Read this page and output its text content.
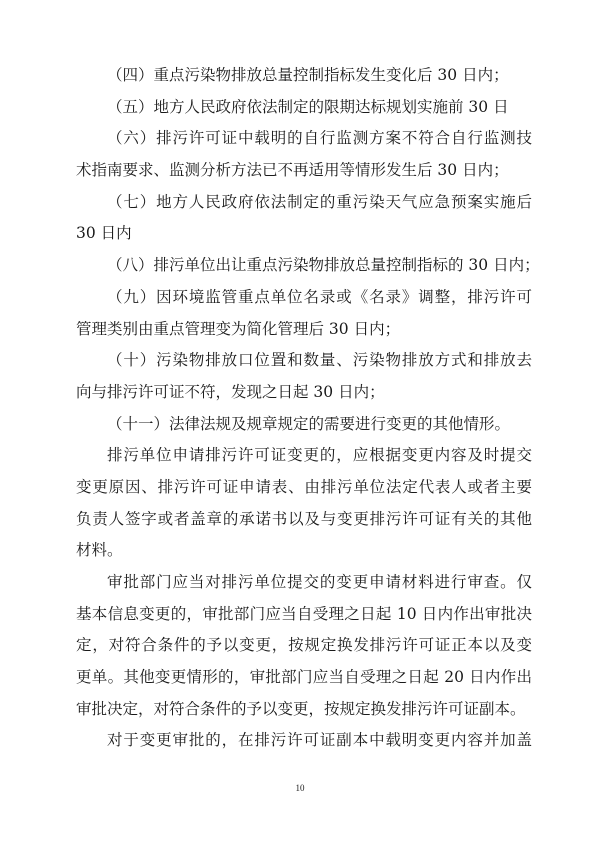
（四）重点污染物排放总量控制指标发生变化后 30 日内；
（五）地方人民政府依法制定的限期达标规划实施前 30 日
（六）排污许可证中载明的自行监测方案不符合自行监测技
术指南要求、监测分析方法已不再适用等情形发生后 30 日内；
（七）地方人民政府依法制定的重污染天气应急预案实施后
30 日内
（八）排污单位出让重点污染物排放总量控制指标的 30 日内；
（九）因环境监管重点单位名录或《名录》调整，排污许可
管理类别由重点管理变为简化管理后 30 日内；
（十）污染物排放口位置和数量、污染物排放方式和排放去
向与排污许可证不符，发现之日起 30 日内；
（十一）法律法规及规章规定的需要进行变更的其他情形。
排污单位申请排污许可证变更的，应根据变更内容及时提交
变更原因、排污许可证申请表、由排污单位法定代表人或者主要
负责人签字或者盖章的承诺书以及与变更排污许可证有关的其他
材料。
审批部门应当对排污单位提交的变更申请材料进行审查。仅
基本信息变更的，审批部门应当自受理之日起 10 日内作出审批决
定，对符合条件的予以变更，按规定换发排污许可证正本以及变
更单。其他变更情形的，审批部门应当自受理之日起 20 日内作出
审批决定，对符合条件的予以变更，按规定换发排污许可证副本。
对于变更审批的，在排污许可证副本中载明变更内容并加盖
10
